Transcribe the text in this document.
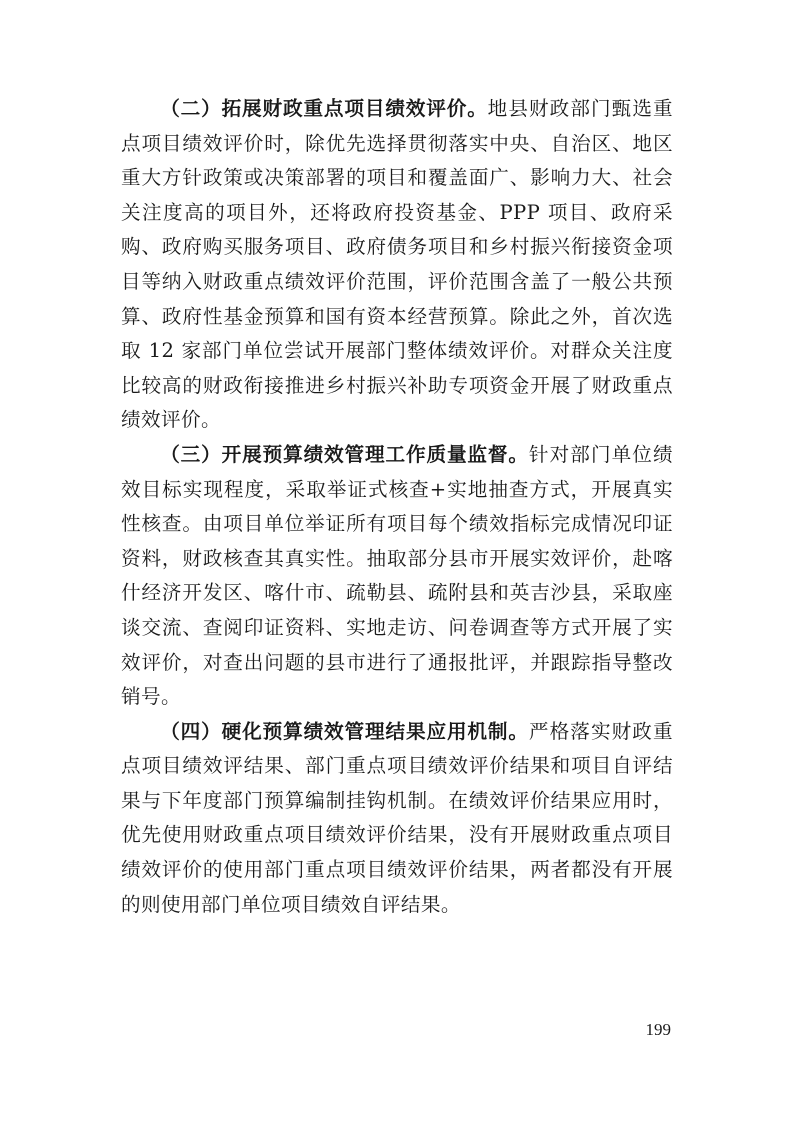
（二）拓展财政重点项目绩效评价。地县财政部门甄选重点项目绩效评价时，除优先选择贯彻落实中央、自治区、地区重大方针政策或决策部署的项目和覆盖面广、影响力大、社会关注度高的项目外，还将政府投资基金、PPP 项目、政府采购、政府购买服务项目、政府债务项目和乡村振兴衔接资金项目等纳入财政重点绩效评价范围，评价范围含盖了一般公共预算、政府性基金预算和国有资本经营预算。除此之外，首次选取 12 家部门单位尝试开展部门整体绩效评价。对群众关注度比较高的财政衔接推进乡村振兴补助专项资金开展了财政重点绩效评价。

（三）开展预算绩效管理工作质量监督。针对部门单位绩效目标实现程度，采取举证式核查+实地抽查方式，开展真实性核查。由项目单位举证所有项目每个绩效指标完成情况印证资料，财政核查其真实性。抽取部分县市开展实效评价，赴喀什经济开发区、喀什市、疏勒县、疏附县和英吉沙县，采取座谈交流、查阅印证资料、实地走访、问卷调查等方式开展了实效评价，对查出问题的县市进行了通报批评，并跟踪指导整改销号。

（四）硬化预算绩效管理结果应用机制。严格落实财政重点项目绩效评结果、部门重点项目绩效评价结果和项目自评结果与下年度部门预算编制挂钩机制。在绩效评价结果应用时，优先使用财政重点项目绩效评价结果，没有开展财政重点项目绩效评价的使用部门重点项目绩效评价结果，两者都没有开展的则使用部门单位项目绩效自评结果。

199
